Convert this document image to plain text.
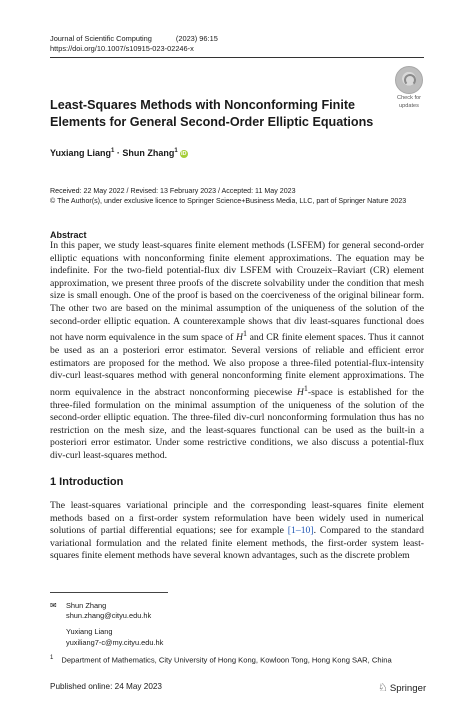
Journal of Scientific Computing	(2023) 96:15
https://doi.org/10.1007/s10915-023-02246-x
Check for
updates
Least-Squares Methods with Nonconforming Finite Elements for General Second-Order Elliptic Equations
Yuxiang Liang$^1$ · Shun Zhang$^1$ iD
Received: 22 May 2022 / Revised: 13 February 2023 / Accepted: 11 May 2023
© The Author(s), under exclusive licence to Springer Science+Business Media, LLC, part of Springer Nature 2023
Abstract

In this paper, we study least-squares finite element methods (LSFEM) for general second-order elliptic equations with nonconforming finite element approximations. The equation may be indefinite. For the two-field potential-flux div LSFEM with Crouzeix–Raviart (CR) element approximation, we present three proofs of the discrete solvability under the condition that mesh size is small enough. One of the proof is based on the coerciveness of the original bilinear form. The other two are based on the minimal assumption of the uniqueness of the solution of the second-order elliptic equation. A counterexample shows that div least-squares functional does not have norm equivalence in the sum space of $H^1$ and CR finite element spaces. Thus it cannot be used as an a posteriori error estimator. Several versions of reliable and efficient error estimators are proposed for the method. We also propose a three-filed potential-flux-intensity div-curl least-squares method with general nonconforming finite element approximations. The norm equivalence in the abstract nonconforming piecewise $H^1$-space is established for the three-filed formulation on the minimal assumption of the uniqueness of the solution of the second-order elliptic equation. The three-filed div-curl nonconforming formulation thus has no restriction on the mesh size, and the least-squares functional can be used as the built-in a posteriori error estimator. Under some restrictive conditions, we also discuss a potential-flux div-curl least-squares method.

1 Introduction
The least-squares variational principle and the corresponding least-squares finite element methods based on a first-order system reformulation have been widely used in numerical solutions of partial differential equations; see for example [1–10]. Compared to the standard variational formulation and the related finite element methods, the first-order system least-squares finite element methods have several known advantages, such as the discrete problem
✉	Shun Zhang
shun.zhang@cityu.edu.hk
Yuxiang Liang
yuxiliang7-c@my.cityu.edu.hk
$^1$ Department of Mathematics, City University of Hong Kong, Kowloon Tong, Hong Kong SAR, China
Published online: 24 May 2023	♘ Springer
